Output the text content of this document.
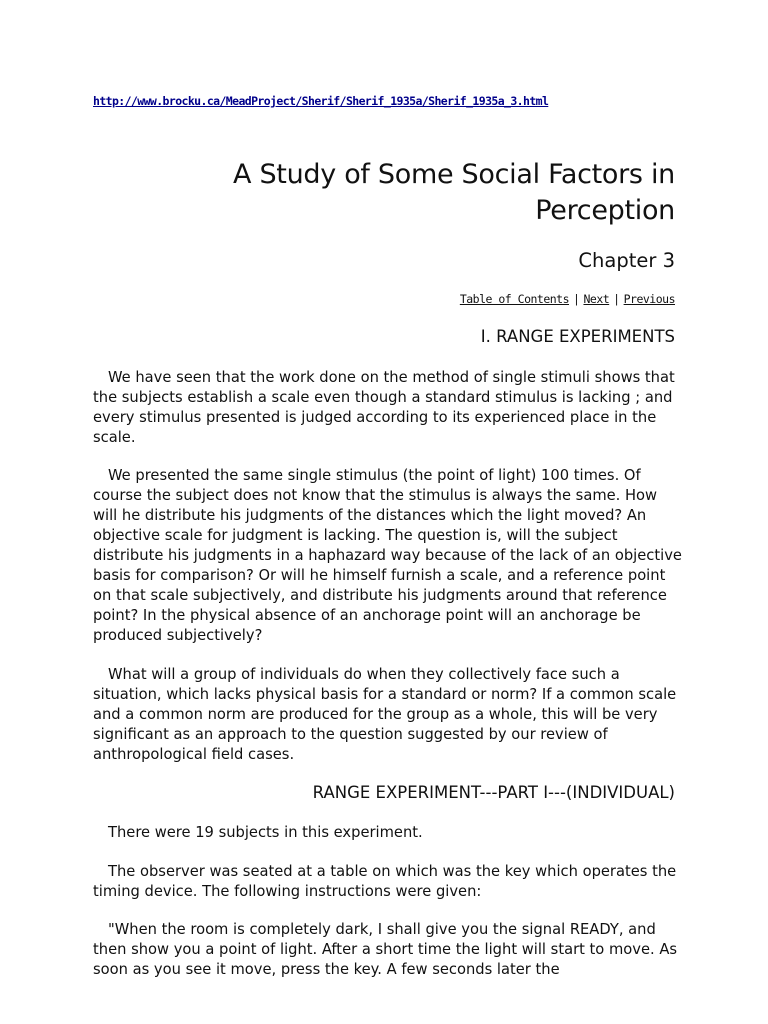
http://www.brocku.ca/MeadProject/Sherif/Sherif_1935a/Sherif_1935a_3.html
A Study of Some Social Factors in Perception
Chapter 3
Table of Contents | Next | Previous
I. RANGE EXPERIMENTS

We have seen that the work done on the method of single stimuli shows that the subjects establish a scale even though a standard stimulus is lacking ; and every stimulus presented is judged according to its experienced place in the scale.

We presented the same single stimulus (the point of light) 100 times. Of course the subject does not know that the stimulus is always the same. How will he distribute his judgments of the distances which the light moved? An objective scale for judgment is lacking. The question is, will the subject distribute his judgments in a haphazard way because of the lack of an objective basis for comparison? Or will he himself furnish a scale, and a reference point on that scale subjectively, and distribute his judgments around that reference point? In the physical absence of an anchorage point will an anchorage be produced subjectively?

What will a group of individuals do when they collectively face such a situation, which lacks physical basis for a standard or norm? If a common scale and a common norm are produced for the group as a whole, this will be very significant as an approach to the question suggested by our review of anthropological field cases.

RANGE EXPERIMENT---PART I---(INDIVIDUAL)

There were 19 subjects in this experiment.

The observer was seated at a table on which was the key which operates the timing device. The following instructions were given:

"When the room is completely dark, I shall give you the signal READY, and then show you a point of light. After a short time the light will start to move. As soon as you see it move, press the key. A few seconds later the
